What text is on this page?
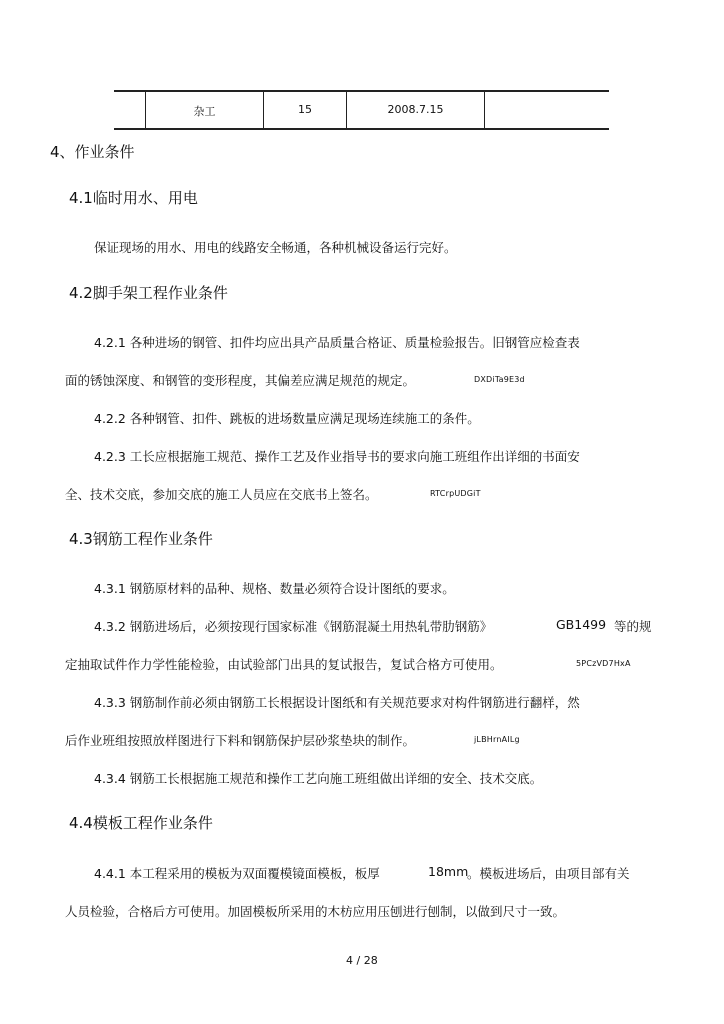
杂工	15	2008.7.15
4、作业条件
4.1临时用水、用电
保证现场的用水、用电的线路安全畅通，各种机械设备运行完好。
4.2脚手架工程作业条件
4.2.1 各种进场的钢管、扣件均应出具产品质量合格证、质量检验报告。旧钢管应检查表
面的锈蚀深度、和钢管的变形程度，其偏差应满足规范的规定。	DXDiTa9E3d
4.2.2 各种钢管、扣件、跳板的进场数量应满足现场连续施工的条件。
4.2.3 工长应根据施工规范、操作工艺及作业指导书的要求向施工班组作出详细的书面安
全、技术交底，参加交底的施工人员应在交底书上签名。	RTCrpUDGiT
4.3钢筋工程作业条件
4.3.1 钢筋原材料的品种、规格、数量必须符合设计图纸的要求。
4.3.2 钢筋进场后，必须按现行国家标准《钢筋混凝土用热轧带肋钢筋》	GB1499 等的规
定抽取试件作力学性能检验，由试验部门出具的复试报告，复试合格方可使用。	5PCzVD7HxA
4.3.3 钢筋制作前必须由钢筋工长根据设计图纸和有关规范要求对构件钢筋进行翻样，然
后作业班组按照放样图进行下料和钢筋保护层砂浆垫块的制作。	jLBHrnAILg
4.3.4 钢筋工长根据施工规范和操作工艺向施工班组做出详细的安全、技术交底。
4.4模板工程作业条件
4.4.1 本工程采用的模板为双面覆模镜面模板，板厚	18mm
。模板进场后，由项目部有关
人员检验，合格后方可使用。加固模板所采用的木枋应用压刨进行刨制，以做到尺寸一致。
4 / 28
